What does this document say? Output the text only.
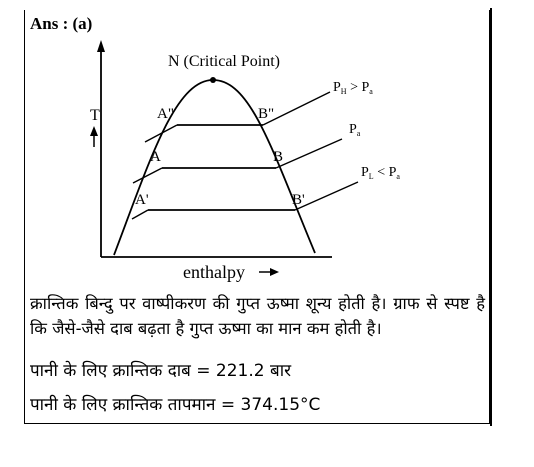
Ans : (a)
N (Critical Point)
T	A"	B"
A	B
A'	B'
$P_H > P_a$
$P_a$
$P_L < P_a$
enthalpy
क्रान्तिक बिन्दु पर वाष्पीकरण की गुप्त ऊष्मा शून्य होती है। ग्राफ से स्पष्ट है कि जैसे-जैसे दाब बढ़ता है गुप्त ऊष्मा का मान कम होती है।
पानी के लिए क्रान्तिक दाब = 221.2 बार
पानी के लिए क्रान्तिक तापमान = 374.15°C
